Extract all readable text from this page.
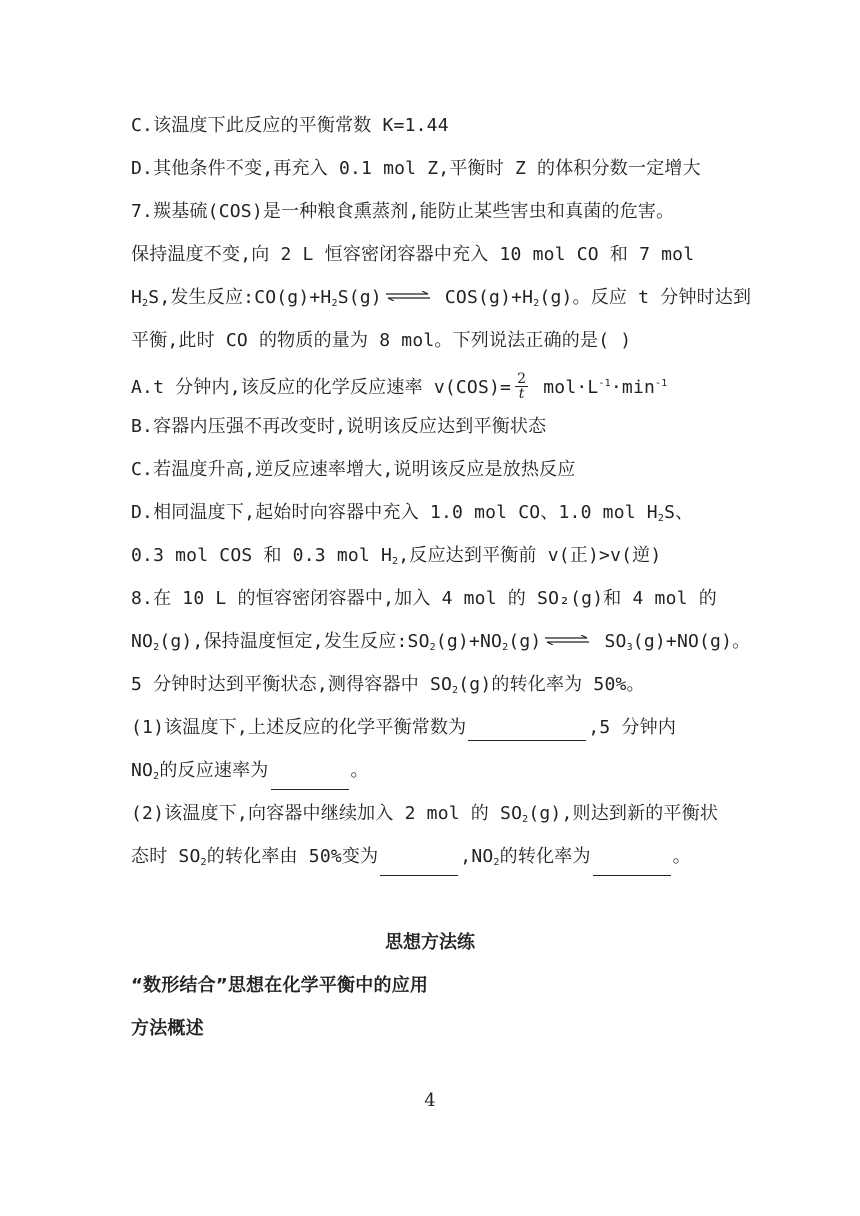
C.该温度下此反应的平衡常数 K=1.44
D.其他条件不变,再充入 0.1 mol Z,平衡时 Z 的体积分数一定增大
7.羰基硫(COS)是一种粮食熏蒸剂,能防止某些害虫和真菌的危害。
保持温度不变,向 2 L 恒容密闭容器中充入 10 mol CO 和 7 mol
$H_2S$,发生反应$:CO(g)+H_2S(g)$ ⇌ $COS(g)+H_2(g)$。反应 t 分钟时达到
平衡,此时 CO 的物质的量为 8 mol。下列说法正确的是( )
A.t 分钟内,该反应的化学反应速率 $v(COS)= \frac{2}{t} mol\cdot L^{-1}\cdot\min^{-1}$
B.容器内压强不再改变时,说明该反应达到平衡状态
C.若温度升高,逆反应速率增大,说明该反应是放热反应
D.相同温度下,起始时向容器中充入 1.0 mol CO、1.0 mol $H_2S$、
0.3 mol COS 和 0.3 mol $H_2$,反应达到平衡前 v(正)>v(逆)
8.在 10 L 的恒容密闭容器中,加入 4 mol 的 SO₂(g)和 4 mol 的
$NO_2(g)$,保持温度恒定,发生反应$:SO_2(g)+NO_2(g)$ ⇌ $SO_3(g)+NO(g)$。
5 分钟时达到平衡状态,测得容器中 $SO_2(g)$的转化率为 50%。
(1)该温度下,上述反应的化学平衡常数为	,5 分钟内
$NO_2$的反应速率为	。
(2)该温度下,向容器中继续加入 2 mol 的 $SO_2(g)$,则达到新的平衡状
态时 $SO_2$的转化率由 50%变为	$,NO_2$的转化率为	。
思想方法练
“数形结合”思想在化学平衡中的应用
方法概述
4
